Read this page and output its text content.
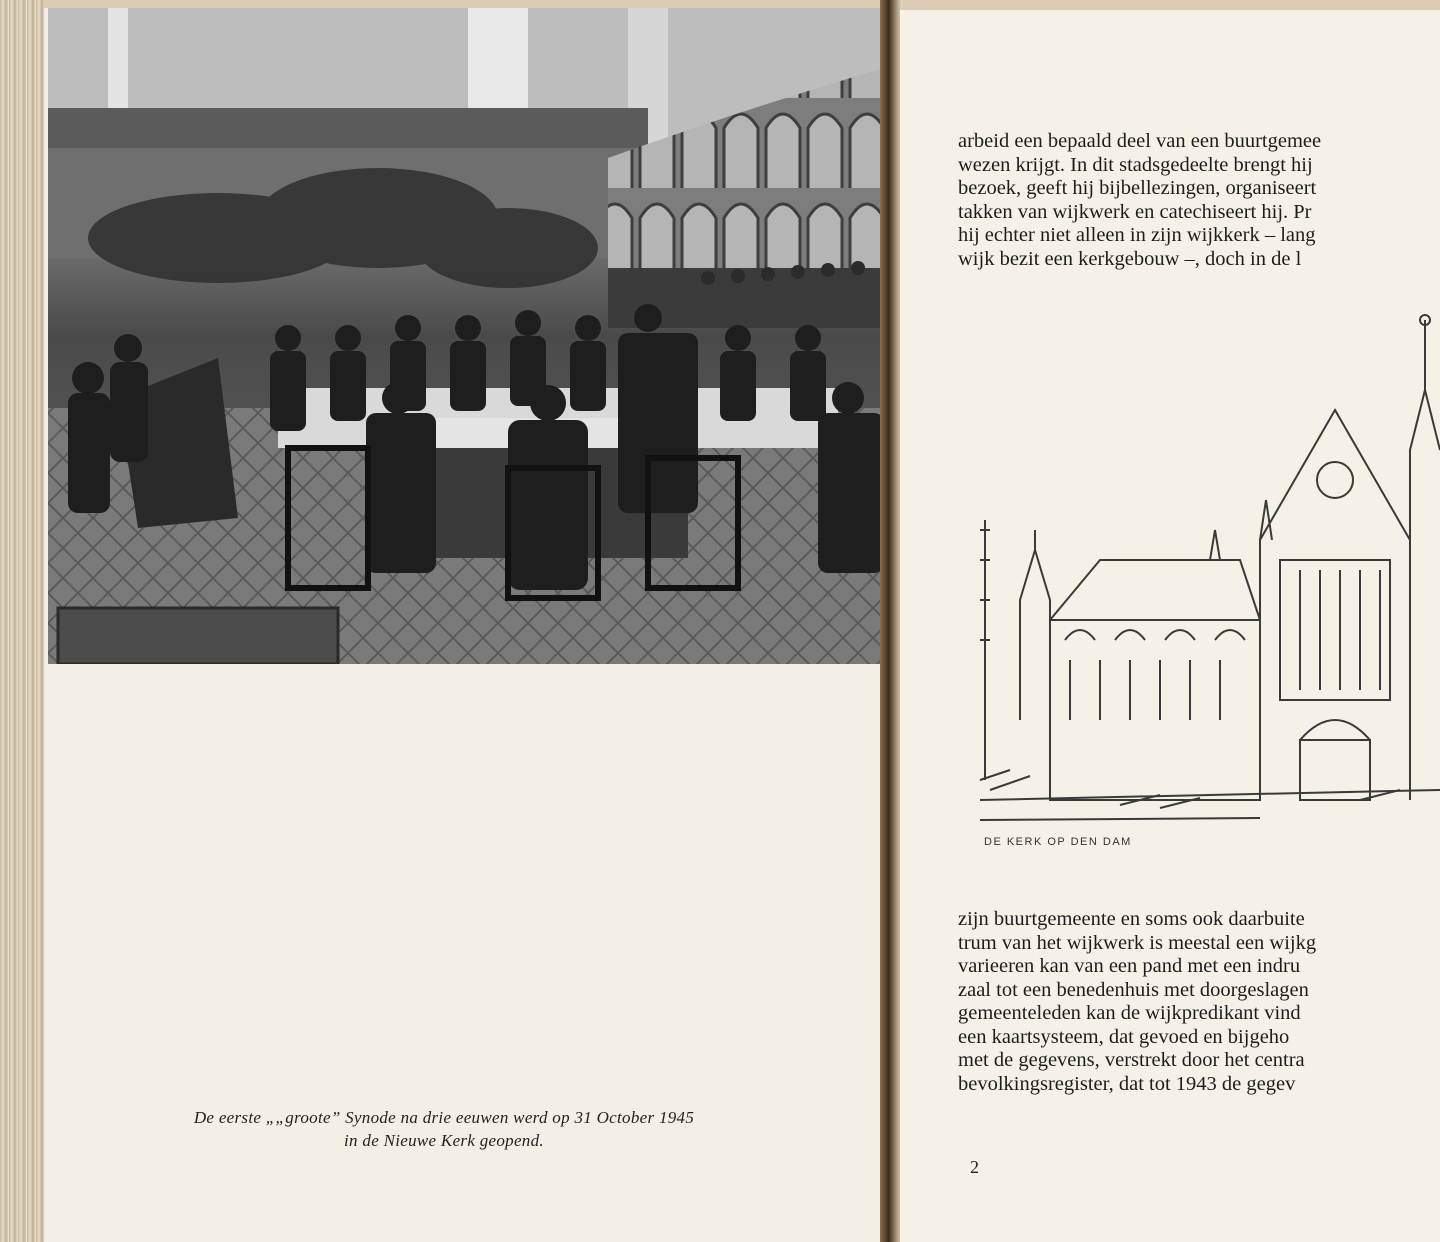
De eerste „„groote” Synode na drie eeuwen werd op 31 October 1945
in de Nieuwe Kerk geopend.
arbeid een bepaald deel van een buurtgemee
wezen krijgt. In dit stadsgedeelte brengt hij
bezoek, geeft hij bijbellezingen, organiseert
takken van wijkwerk en catechiseert hij. Pr
hij echter niet alleen in zijn wijkkerk – lang
wijk bezit een kerkgebouw –, doch in de l
DE KERK OP DEN DAM
zijn buurtgemeente en soms ook daarbuite
trum van het wijkwerk is meestal een wijkg
varieeren kan van een pand met een indru
zaal tot een benedenhuis met doorgeslagen
gemeenteleden kan de wijkpredikant vind
een kaartsysteem, dat gevoed en bijgeho
met de gegevens, verstrekt door het centra
bevolkingsregister, dat tot 1943 de gegev
2
